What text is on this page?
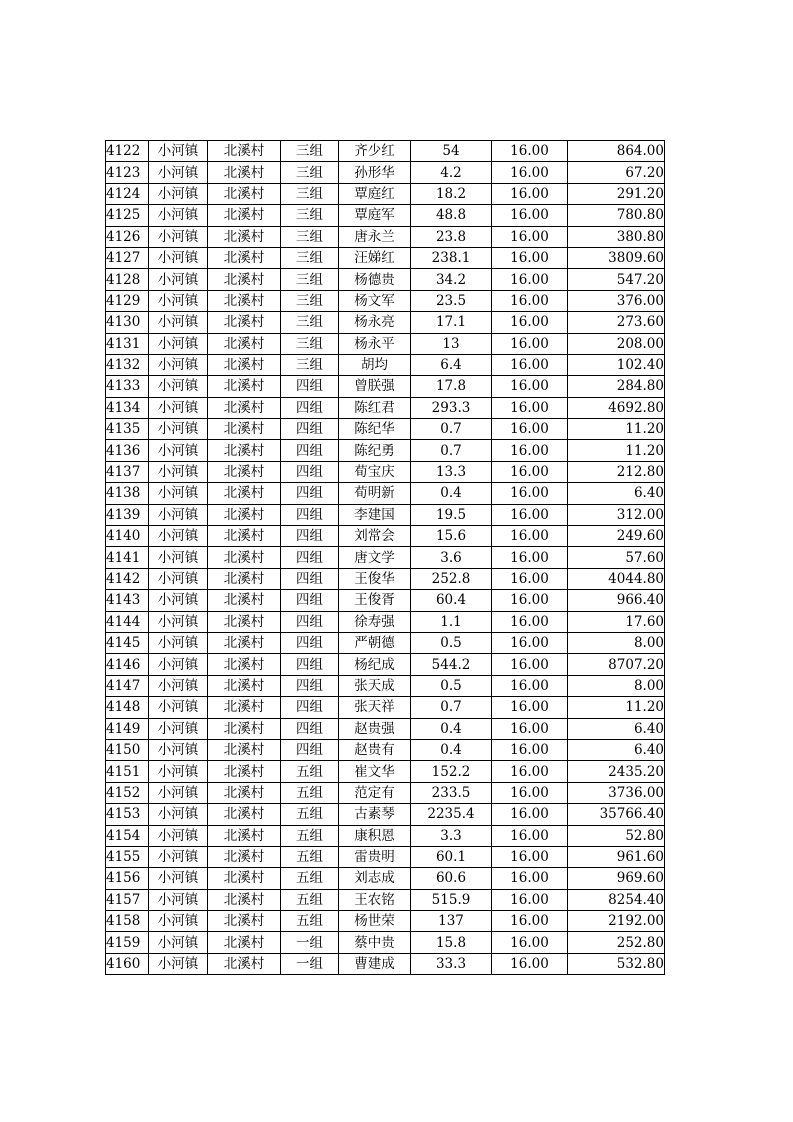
4122	小河镇	北溪村	三组	齐少红	54	16.00	864.00
4123	小河镇	北溪村	三组	孙形华	4.2	16.00	67.20
4124	小河镇	北溪村	三组	覃庭红	18.2	16.00	291.20
4125	小河镇	北溪村	三组	覃庭军	48.8	16.00	780.80
4126	小河镇	北溪村	三组	唐永兰	23.8	16.00	380.80
4127	小河镇	北溪村	三组	汪娣红	238.1	16.00	3809.60
4128	小河镇	北溪村	三组	杨德贵	34.2	16.00	547.20
4129	小河镇	北溪村	三组	杨文军	23.5	16.00	376.00
4130	小河镇	北溪村	三组	杨永亮	17.1	16.00	273.60
4131	小河镇	北溪村	三组	杨永平	13	16.00	208.00
4132	小河镇	北溪村	三组	胡均	6.4	16.00	102.40
4133	小河镇	北溪村	四组	曾朕强	17.8	16.00	284.80
4134	小河镇	北溪村	四组	陈红君	293.3	16.00	4692.80
4135	小河镇	北溪村	四组	陈纪华	0.7	16.00	11.20
4136	小河镇	北溪村	四组	陈纪勇	0.7	16.00	11.20
4137	小河镇	北溪村	四组	荀宝庆	13.3	16.00	212.80
4138	小河镇	北溪村	四组	荀明新	0.4	16.00	6.40
4139	小河镇	北溪村	四组	李建国	19.5	16.00	312.00
4140	小河镇	北溪村	四组	刘常会	15.6	16.00	249.60
4141	小河镇	北溪村	四组	唐文学	3.6	16.00	57.60
4142	小河镇	北溪村	四组	王俊华	252.8	16.00	4044.80
4143	小河镇	北溪村	四组	王俊胥	60.4	16.00	966.40
4144	小河镇	北溪村	四组	徐寿强	1.1	16.00	17.60
4145	小河镇	北溪村	四组	严朝德	0.5	16.00	8.00
4146	小河镇	北溪村	四组	杨纪成	544.2	16.00	8707.20
4147	小河镇	北溪村	四组	张天成	0.5	16.00	8.00
4148	小河镇	北溪村	四组	张天祥	0.7	16.00	11.20
4149	小河镇	北溪村	四组	赵贵强	0.4	16.00	6.40
4150	小河镇	北溪村	四组	赵贵有	0.4	16.00	6.40
4151	小河镇	北溪村	五组	崔文华	152.2	16.00	2435.20
4152	小河镇	北溪村	五组	范定有	233.5	16.00	3736.00
4153	小河镇	北溪村	五组	古素琴	2235.4	16.00	35766.40
4154	小河镇	北溪村	五组	康积恩	3.3	16.00	52.80
4155	小河镇	北溪村	五组	雷贵明	60.1	16.00	961.60
4156	小河镇	北溪村	五组	刘志成	60.6	16.00	969.60
4157	小河镇	北溪村	五组	王农铭	515.9	16.00	8254.40
4158	小河镇	北溪村	五组	杨世荣	137	16.00	2192.00
4159	小河镇	北溪村	一组	蔡中贵	15.8	16.00	252.80
4160	小河镇	北溪村	一组	曹建成	33.3	16.00	532.80
